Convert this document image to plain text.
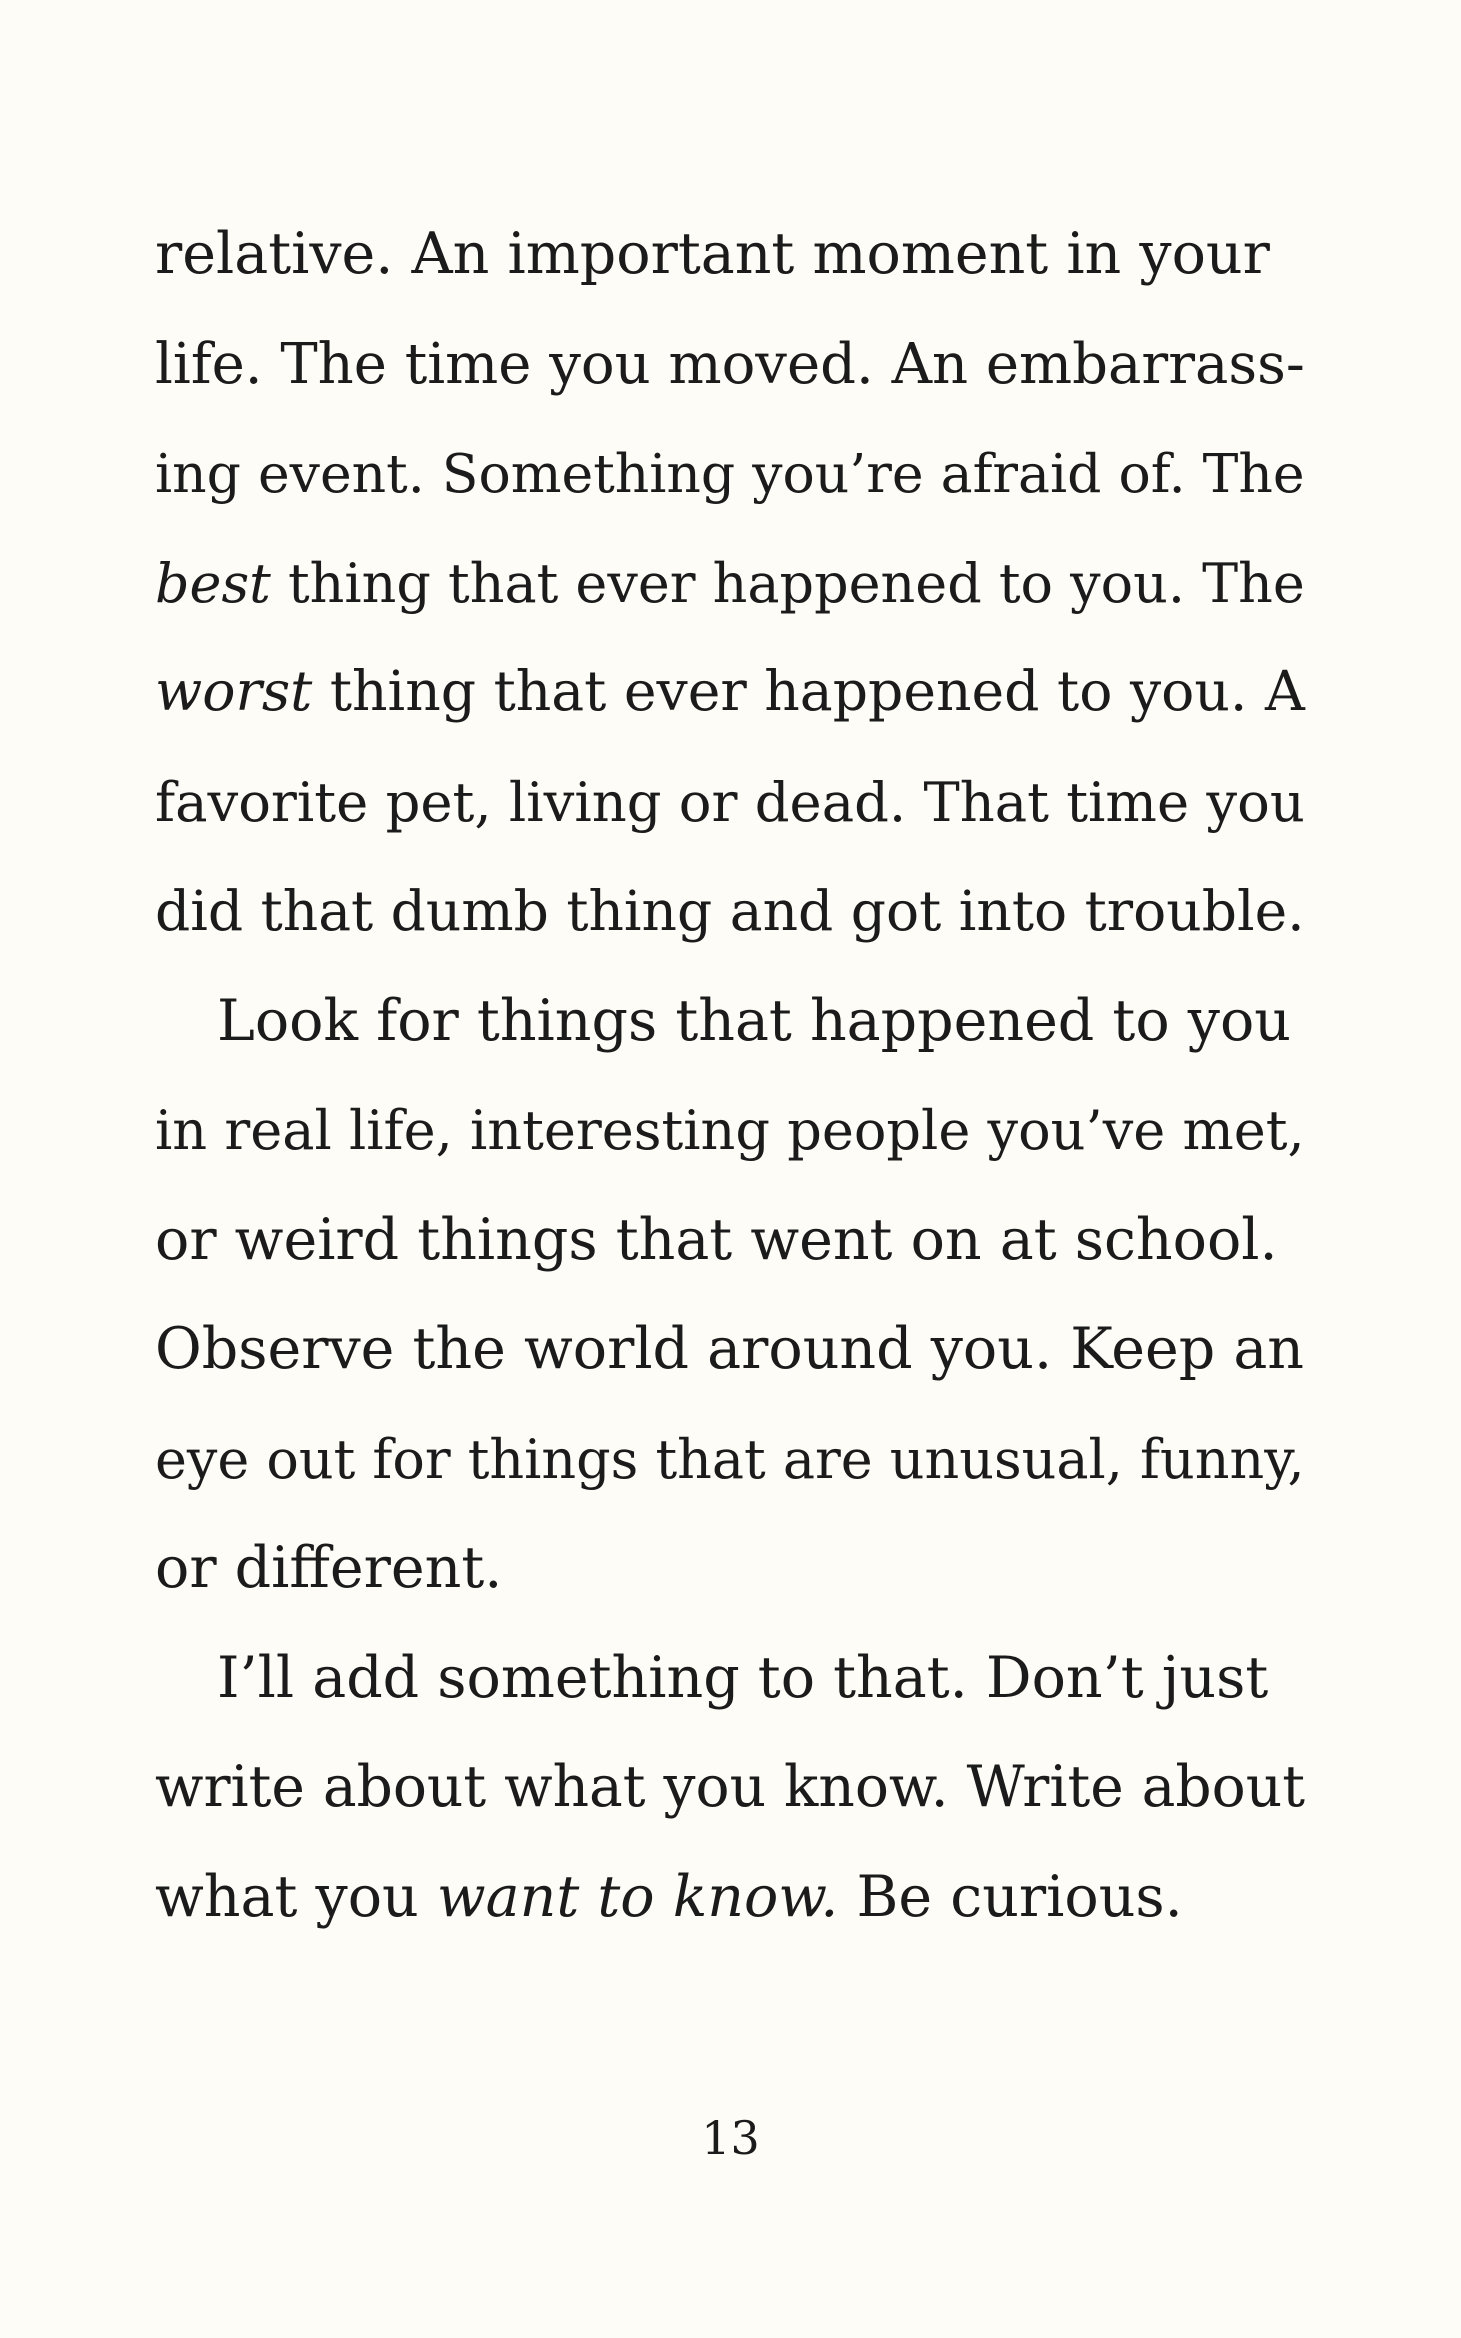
relative. An important moment in your
life. The time you moved. An embarrass-
ing event. Something you’re afraid of. The
best thing that ever happened to you. The
worst thing that ever happened to you. A
favorite pet, living or dead. That time you
did that dumb thing and got into trouble.
Look for things that happened to you
in real life, interesting people you’ve met,
or weird things that went on at school.
Observe the world around you. Keep an
eye out for things that are unusual, funny,
or different.
I’ll add something to that. Don’t just
write about what you know. Write about
what you want to know. Be curious.
13
